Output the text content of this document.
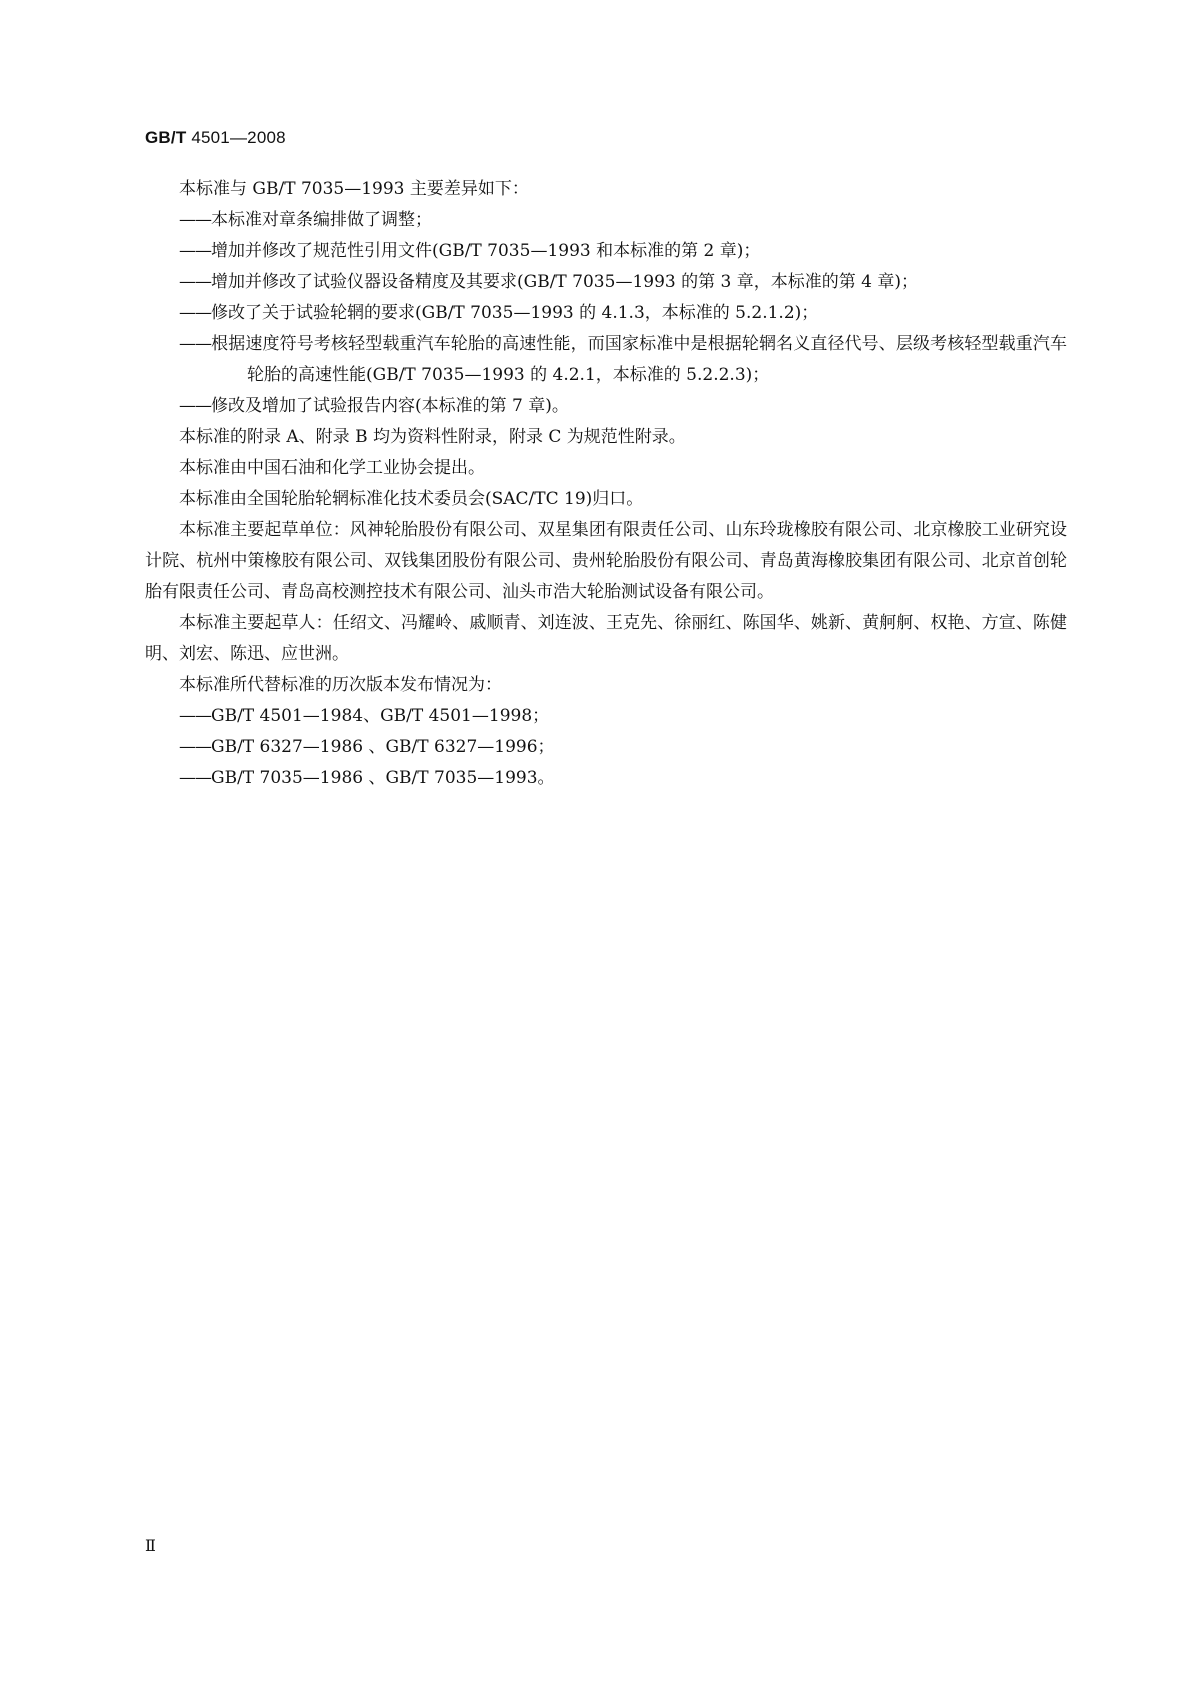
GB/T 4501—2008

本标准与 GB/T 7035—1993 主要差异如下：

——本标准对章条编排做了调整；

——增加并修改了规范性引用文件(GB/T 7035—1993 和本标准的第 2 章)；

——增加并修改了试验仪器设备精度及其要求(GB/T 7035—1993 的第 3 章，本标准的第 4 章)；

——修改了关于试验轮辋的要求(GB/T 7035—1993 的 4.1.3，本标准的 5.2.1.2)；

——根据速度符号考核轻型载重汽车轮胎的高速性能，而国家标准中是根据轮辋名义直径代号、层级考核轻型载重汽车轮胎的高速性能(GB/T 7035—1993 的 4.2.1，本标准的 5.2.2.3)；

——修改及增加了试验报告内容(本标准的第 7 章)。

本标准的附录 A、附录 B 均为资料性附录，附录 C 为规范性附录。

本标准由中国石油和化学工业协会提出。

本标准由全国轮胎轮辋标准化技术委员会(SAC/TC 19)归口。

本标准主要起草单位：风神轮胎股份有限公司、双星集团有限责任公司、山东玲珑橡胶有限公司、北京橡胶工业研究设计院、杭州中策橡胶有限公司、双钱集团股份有限公司、贵州轮胎股份有限公司、青岛黄海橡胶集团有限公司、北京首创轮胎有限责任公司、青岛高校测控技术有限公司、汕头市浩大轮胎测试设备有限公司。

本标准主要起草人：任绍文、冯耀岭、戚顺青、刘连波、王克先、徐丽红、陈国华、姚新、黄舸舸、权艳、方宣、陈健明、刘宏、陈迅、应世洲。

本标准所代替标准的历次版本发布情况为：

——GB/T 4501—1984、GB/T 4501—1998；

——GB/T 6327—1986 、GB/T 6327—1996；

——GB/T 7035—1986 、GB/T 7035—1993。

Ⅱ
